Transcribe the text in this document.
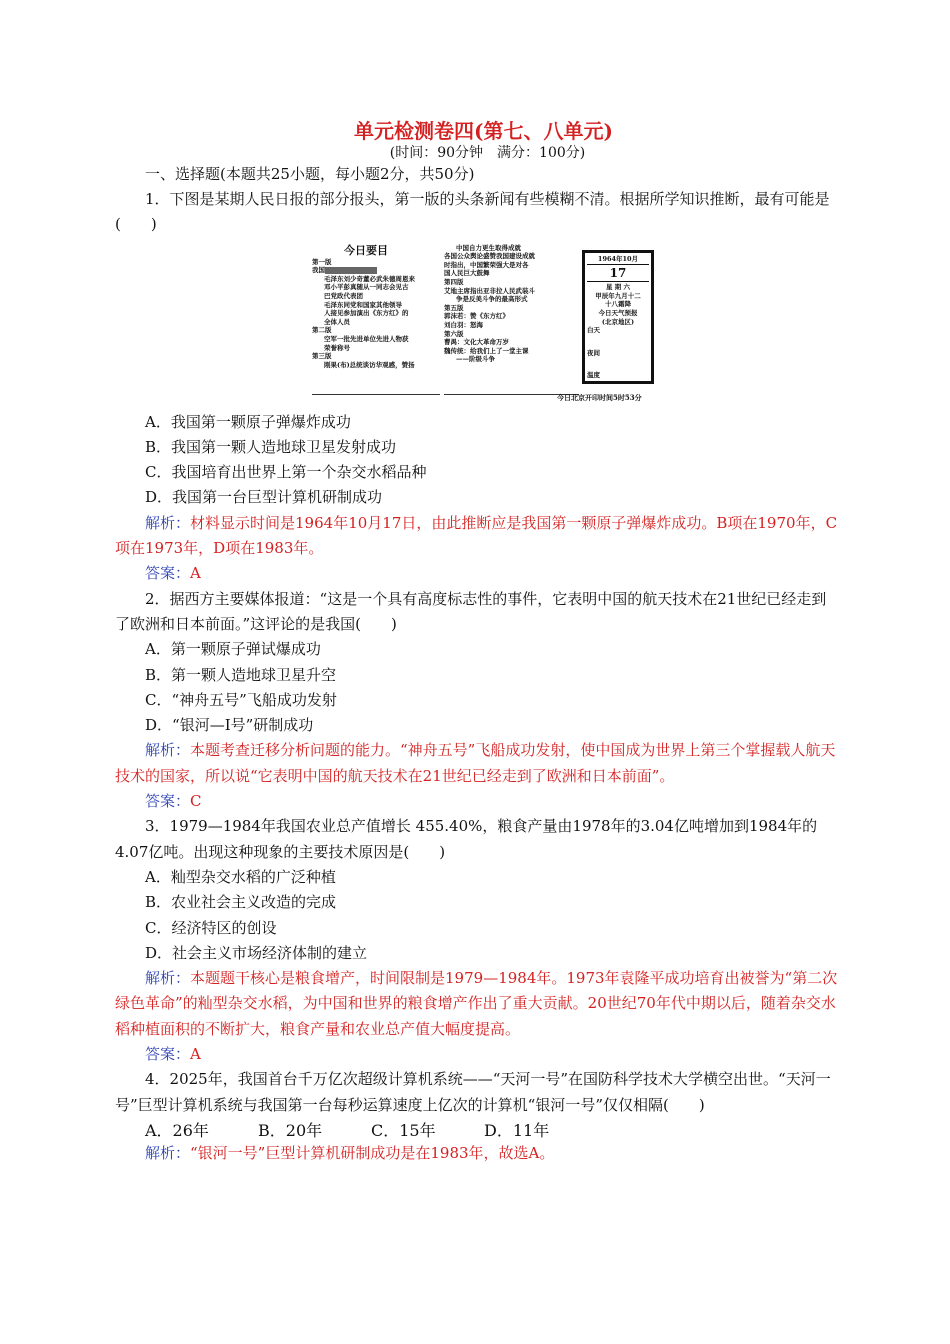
单元检测卷四(第七、八单元)
(时间：90分钟　满分：100分)
一、选择题(本题共25小题，每小题2分，共50分)

1．下图是某期人民日报的部分报头，第一版的头条新闻有些模糊不清。根据所学知识推断，最有可能是(　　)

今日要目
第一版
我国
毛泽东刘少奇董必武朱德周恩来
邓小平彭真随从一同志会见古
巴党政代表团
毛泽东同党和国家其他领导
人接见参加演出《东方红》的
全体人员
第二版
空军一批先进单位先进人物获
荣誉称号
第三版
刚果(布)总统谈访华观感，赞扬
中国自力更生取得成就
各国公众舆论盛赞我国建设成就
时指出，中国繁荣强大是对各
国人民巨大鼓舞
第四版
艾地主席指出亚非拉人民武装斗
争是反美斗争的最高形式
第五版
郭沫若：赞《东方红》
刘白羽：怒海
第六版
曹禺：文化大革命万岁
魏传统：给我们上了一堂主课
——阶级斗争
1964年10月
17
星 期 六
甲辰年九月十二
十八霜降
今日天气预报
(北京地区)
白天
夜间
温度
今日北京开印时间5时53分

A．我国第一颗原子弹爆炸成功

B．我国第一颗人造地球卫星发射成功

C．我国培育出世界上第一个杂交水稻品种

D．我国第一台巨型计算机研制成功

解析：材料显示时间是1964年10月17日，由此推断应是我国第一颗原子弹爆炸成功。B项在1970年，C项在1973年，D项在1983年。

答案：A

2．据西方主要媒体报道：“这是一个具有高度标志性的事件，它表明中国的航天技术在21世纪已经走到了欧洲和日本前面。”这评论的是我国(　　)

A．第一颗原子弹试爆成功

B．第一颗人造地球卫星升空

C．“神舟五号”飞船成功发射

D．“银河—Ⅰ号”研制成功

解析：本题考查迁移分析问题的能力。“神舟五号”飞船成功发射，使中国成为世界上第三个掌握载人航天技术的国家，所以说“它表明中国的航天技术在21世纪已经走到了欧洲和日本前面”。

答案：C

3．1979—1984年我国农业总产值增长 455.40%，粮食产量由1978年的3.04亿吨增加到1984年的4.07亿吨。出现这种现象的主要技术原因是(　　)

A．籼型杂交水稻的广泛种植

B．农业社会主义改造的完成

C．经济特区的创设

D．社会主义市场经济体制的建立

解析：本题题干核心是粮食增产，时间限制是1979—1984年。1973年袁隆平成功培育出被誉为“第二次绿色革命”的籼型杂交水稻，为中国和世界的粮食增产作出了重大贡献。20世纪70年代中期以后，随着杂交水稻种植面积的不断扩大，粮食产量和农业总产值大幅度提高。

答案：A

4．2025年，我国首台千万亿次超级计算机系统——“天河一号”在国防科学技术大学横空出世。“天河一号”巨型计算机系统与我国第一台每秒运算速度上亿次的计算机“银河一号”仅仅相隔(　　)

A．26年	B．20年	C．15年	D．11年

解析：“银河一号”巨型计算机研制成功是在1983年，故选A。
